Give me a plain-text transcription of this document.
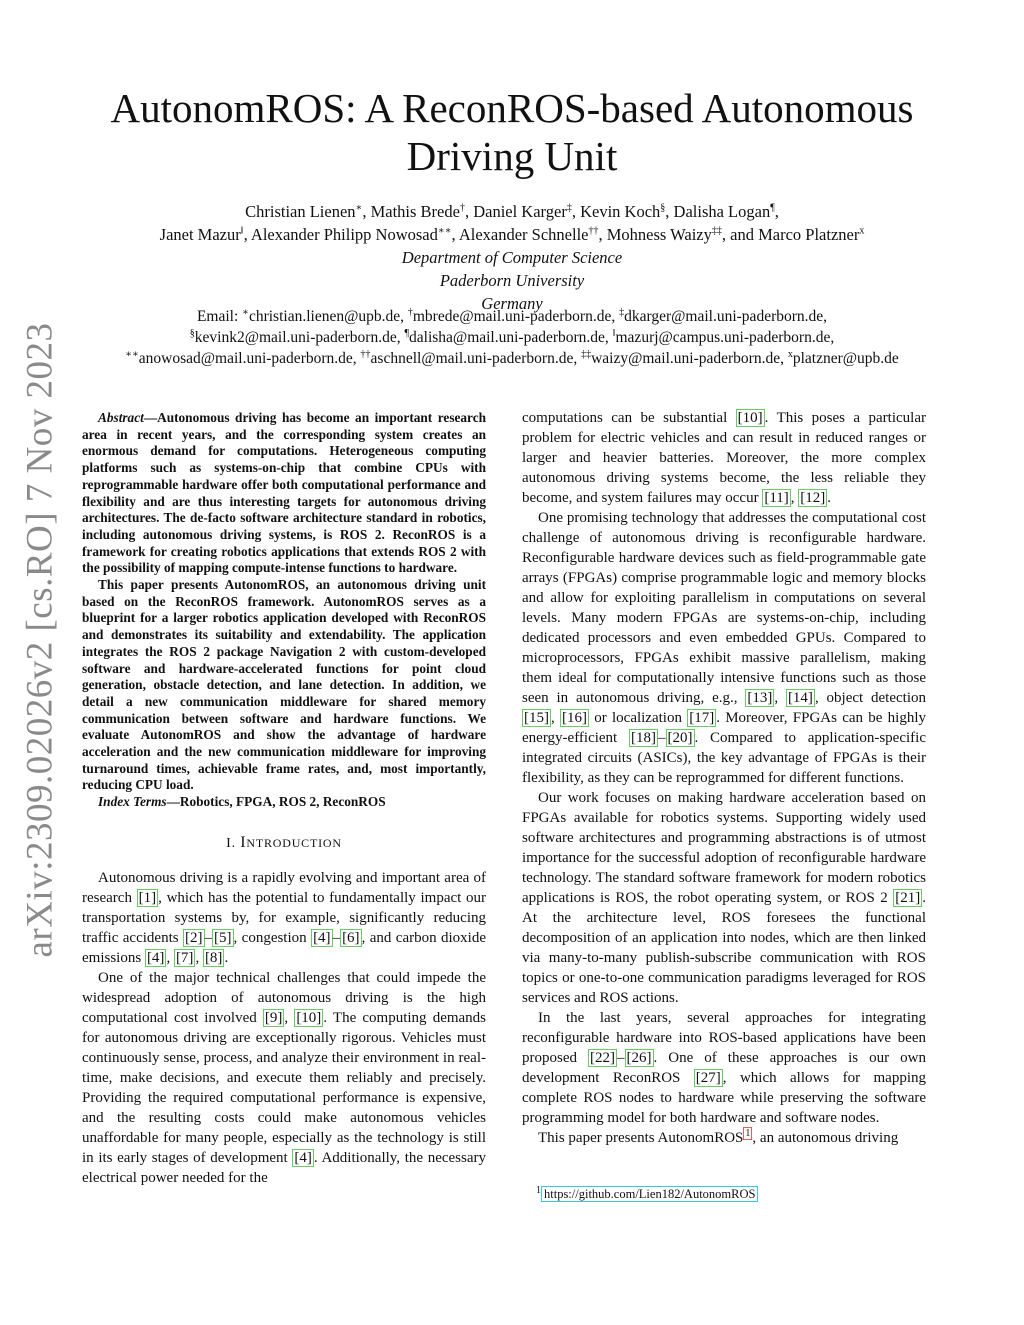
arXiv:2309.02026v2 [cs.RO] 7 Nov 2023
AutonomROS: A ReconROS-based Autonomous Driving Unit

Christian Lienen∗, Mathis Brede†, Daniel Karger‡, Kevin Koch§, Dalisha Logan¶,

Janet Mazur‖, Alexander Philipp Nowosad∗∗, Alexander Schnelle††, Mohness Waizy‡‡, and Marco Platzner$^x$

Department of Computer Science

Paderborn University

Germany

Email: ∗christian.lienen@upb.de, †mbrede@mail.uni-paderborn.de, ‡dkarger@mail.uni-paderborn.de,

§kevink2@mail.uni-paderborn.de, ¶dalisha@mail.uni-paderborn.de, ‖mazurj@campus.uni-paderborn.de,

∗∗anowosad@mail.uni-paderborn.de, ††aschnell@mail.uni-paderborn.de, ‡‡waizy@mail.uni-paderborn.de, $^x$platzner@upb.de

Abstract—Autonomous driving has become an important research area in recent years, and the corresponding system creates an enormous demand for computations. Heterogeneous computing platforms such as systems-on-chip that combine CPUs with reprogrammable hardware offer both computational performance and flexibility and are thus interesting targets for autonomous driving architectures. The de-facto software architecture standard in robotics, including autonomous driving systems, is ROS 2. ReconROS is a framework for creating robotics applications that extends ROS 2 with the possibility of mapping compute-intense functions to hardware.

This paper presents AutonomROS, an autonomous driving unit based on the ReconROS framework. AutonomROS serves as a blueprint for a larger robotics application developed with ReconROS and demonstrates its suitability and extendability. The application integrates the ROS 2 package Navigation 2 with custom-developed software and hardware-accelerated functions for point cloud generation, obstacle detection, and lane detection. In addition, we detail a new communication middleware for shared memory communication between software and hardware functions. We evaluate AutonomROS and show the advantage of hardware acceleration and the new communication middleware for improving turnaround times, achievable frame rates, and, most importantly, reducing CPU load.

Index Terms—Robotics, FPGA, ROS 2, ReconROS

I. INTRODUCTION

Autonomous driving is a rapidly evolving and important area of research [1] , which has the potential to fundamentally impact our transportation systems by, for example, significantly reducing traffic accidents [2] – [5] , congestion [4] – [6] , and carbon dioxide emissions [4] , [7] , [8] .

One of the major technical challenges that could impede the widespread adoption of autonomous driving is the high computational cost involved [9] , [10] . The computing demands for autonomous driving are exceptionally rigorous. Vehicles must continuously sense, process, and analyze their environment in real-time, make decisions, and execute them reliably and precisely. Providing the required computational performance is expensive, and the resulting costs could make autonomous vehicles unaffordable for many people, especially as the technology is still in its early stages of development [4] . Additionally, the necessary electrical power needed for the

computations can be substantial [10] . This poses a particular problem for electric vehicles and can result in reduced ranges or larger and heavier batteries. Moreover, the more complex autonomous driving systems become, the less reliable they become, and system failures may occur [11] , [12] .

One promising technology that addresses the computational cost challenge of autonomous driving is reconfigurable hardware. Reconfigurable hardware devices such as field-programmable gate arrays (FPGAs) comprise programmable logic and memory blocks and allow for exploiting parallelism in computations on several levels. Many modern FPGAs are systems-on-chip, including dedicated processors and even embedded GPUs. Compared to microprocessors, FPGAs exhibit massive parallelism, making them ideal for computationally intensive functions such as those seen in autonomous driving, e.g., [13] , [14] , object detection [15] , [16] or localization [17] . Moreover, FPGAs can be highly energy-efficient [18] – [20] . Compared to application-specific integrated circuits (ASICs), the key advantage of FPGAs is their flexibility, as they can be reprogrammed for different functions.

Our work focuses on making hardware acceleration based on FPGAs available for robotics systems. Supporting widely used software architectures and programming abstractions is of utmost importance for the successful adoption of reconfigurable hardware technology. The standard software framework for modern robotics applications is ROS, the robot operating system, or ROS 2 [21] . At the architecture level, ROS foresees the functional decomposition of an application into nodes, which are then linked via many-to-many publish-subscribe communication with ROS topics or one-to-one communication paradigms leveraged for ROS services and ROS actions.

In the last years, several approaches for integrating reconfigurable hardware into ROS-based applications have been proposed [22] – [26] . One of these approaches is our own development ReconROS [27] , which allows for mapping complete ROS nodes to hardware while preserving the software programming model for both hardware and software nodes.

This paper presents AutonomROS $^1$ , an autonomous driving

$^1$ https://github.com/Lien182/AutonomROS
